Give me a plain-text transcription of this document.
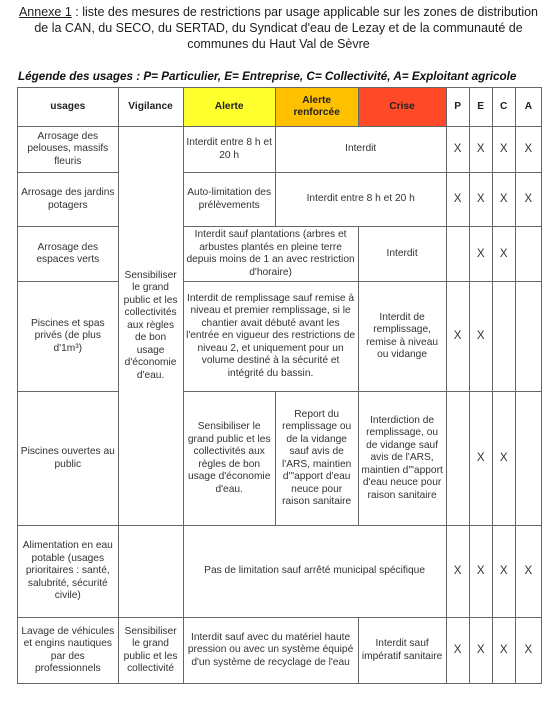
Annexe 1 : liste des mesures de restrictions par usage applicable sur les zones de distribution de la CAN, du SECO, du SERTAD, du Syndicat d'eau de Lezay et de la communauté de communes du Haut Val de Sèvre
Légende des usages : P= Particulier, E= Entreprise, C= Collectivité, A= Exploitant agricole
usages	Vigilance	Alerte	Alerte renforcée	Crise	P	E	C	A
Arrosage des pelouses, massifs fleuris	Sensibiliser le grand public et les collectivités aux règles de bon usage d'économie d'eau.	Interdit entre 8 h et 20 h	Interdit		X	X	X	X
Arrosage des jardins potagers		Auto-limitation des prélèvements	Interdit entre 8 h et 20 h		X	X	X	X
Arrosage des espaces verts		Interdit sauf plantations (arbres et arbustes plantés en pleine terre depuis moins de 1 an avec restriction d'horaire)		Interdit		X	X	
Piscines et spas privés (de plus d'1m³)		Interdit de remplissage sauf remise à niveau et premier remplissage, si le chantier avait débuté avant les l'entrée en vigueur des restrictions de niveau 2, et uniquement pour un volume destiné à la sécurité et intégrité du bassin.		Interdit de remplissage, remise à niveau ou vidange	X	X		
Piscines ouvertes au public		Sensibiliser le grand public et les collectivités aux règles de bon usage d'économie d'eau.	Report du remplissage ou de la vidange sauf avis de l'ARS, maintien d'"apport d'eau neuce pour raison sanitaire	Interdiction de remplissage, ou de vidange sauf avis de l'ARS, maintien d'"apport d'eau neuce pour raison sanitaire		X	X	
Alimentation en eau potable (usages prioritaires : santé, salubrité, sécurité civile)		Pas de limitation sauf arrêté municipal spécifique			X	X	X	X
Lavage de véhicules et engins nautiques par des professionnels	Sensibiliser le grand public et les collectivité	Interdit sauf avec du matériel haute pression ou avec un système équipé d'un système de recyclage de l'eau		Interdit sauf impératif sanitaire	X	X	X	X
